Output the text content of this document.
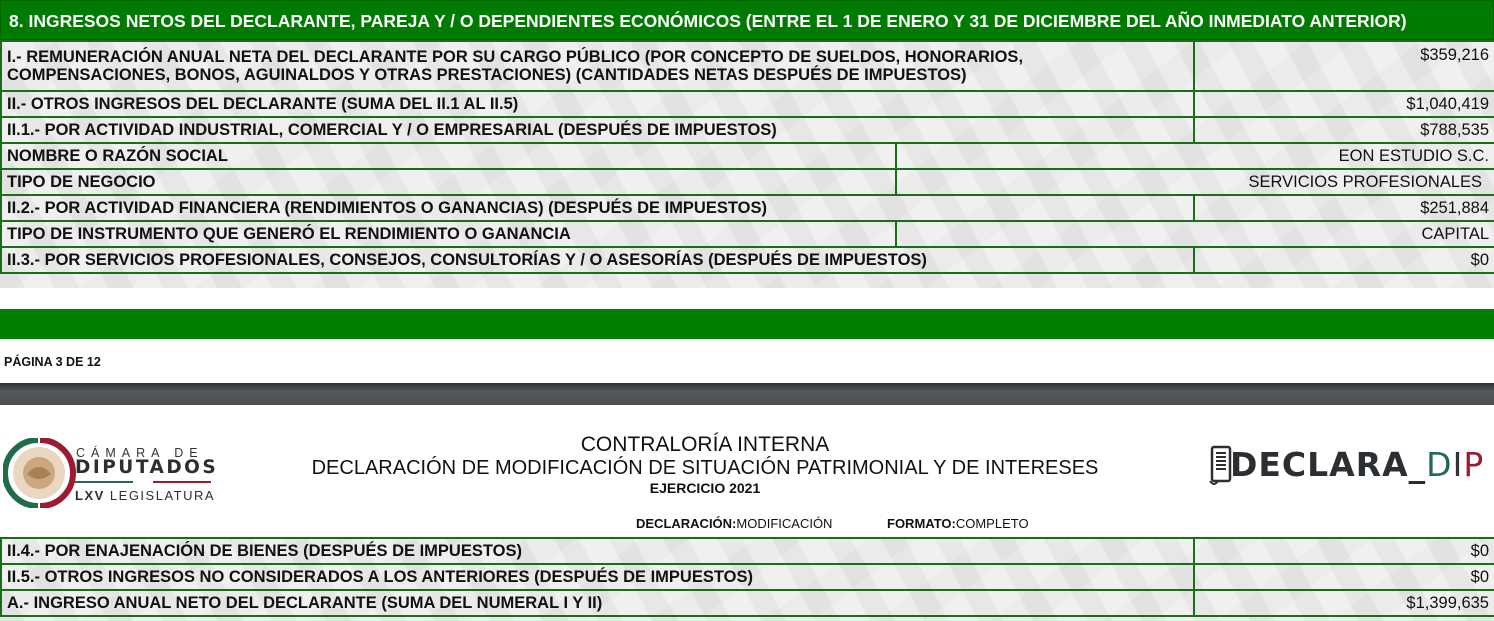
8. INGRESOS NETOS DEL DECLARANTE, PAREJA Y / O DEPENDIENTES ECONÓMICOS (ENTRE EL 1 DE ENERO Y 31 DE DICIEMBRE DEL AÑO INMEDIATO ANTERIOR)
I.- REMUNERACIÓN ANUAL NETA DEL DECLARANTE POR SU CARGO PÚBLICO (POR CONCEPTO DE SUELDOS, HONORARIOS, COMPENSACIONES, BONOS, AGUINALDOS Y OTRAS PRESTACIONES) (CANTIDADES NETAS DESPUÉS DE IMPUESTOS)		$359,216
II.- OTROS INGRESOS DEL DECLARANTE (SUMA DEL II.1 AL II.5)		$1,040,419
II.1.- POR ACTIVIDAD INDUSTRIAL, COMERCIAL Y / O EMPRESARIAL (DESPUÉS DE IMPUESTOS)		$788,535
NOMBRE O RAZÓN SOCIAL	EON ESTUDIO S.C.	
TIPO DE NEGOCIO	SERVICIOS PROFESIONALES	
II.2.- POR ACTIVIDAD FINANCIERA (RENDIMIENTOS O GANANCIAS) (DESPUÉS DE IMPUESTOS)		$251,884
TIPO DE INSTRUMENTO QUE GENERÓ EL RENDIMIENTO O GANANCIA	CAPITAL	
II.3.- POR SERVICIOS PROFESIONALES, CONSEJOS, CONSULTORÍAS Y / O ASESORÍAS (DESPUÉS DE IMPUESTOS)		$0
PÁGINA 3 DE 12
CÁMARA DE
DIPUTADOS
LXV LEGISLATURA
CONTRALORÍA INTERNA
DECLARACIÓN DE MODIFICACIÓN DE SITUACIÓN PATRIMONIAL Y DE INTERESES
EJERCICIO 2021
DECLARACIÓN:MODIFICACIÓN	FORMATO:COMPLETO
DECLARA_DIP
II.4.- POR ENAJENACIÓN DE BIENES (DESPUÉS DE IMPUESTOS)	$0
II.5.- OTROS INGRESOS NO CONSIDERADOS A LOS ANTERIORES (DESPUÉS DE IMPUESTOS)	$0
A.- INGRESO ANUAL NETO DEL DECLARANTE (SUMA DEL NUMERAL I Y II)	$1,399,635
